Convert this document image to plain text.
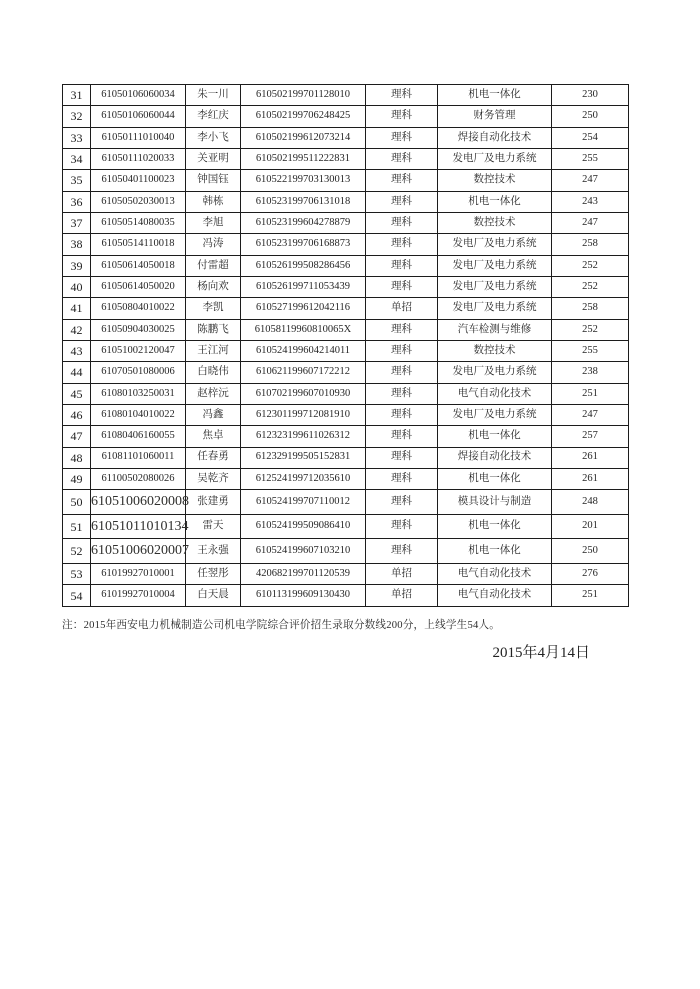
31	61050106060034	朱一川	610502199701128010	理科	机电一体化	230
32	61050106060044	李红庆	610502199706248425	理科	财务管理	250
33	61050111010040	李小飞	610502199612073214	理科	焊接自动化技术	254
34	61050111020033	关亚明	610502199511222831	理科	发电厂及电力系统	255
35	61050401100023	钟国钰	610522199703130013	理科	数控技术	247
36	61050502030013	韩栋	610523199706131018	理科	机电一体化	243
37	61050514080035	李旭	610523199604278879	理科	数控技术	247
38	61050514110018	冯涛	610523199706168873	理科	发电厂及电力系统	258
39	61050614050018	付雷超	610526199508286456	理科	发电厂及电力系统	252
40	61050614050020	杨向欢	610526199711053439	理科	发电厂及电力系统	252
41	61050804010022	李凯	610527199612042116	单招	发电厂及电力系统	258
42	61050904030025	陈鹏飞	61058119960810065X	理科	汽车检测与维修	252
43	61051002120047	王江河	610524199604214011	理科	数控技术	255
44	61070501080006	白晓伟	610621199607172212	理科	发电厂及电力系统	238
45	61080103250031	赵梓沅	610702199607010930	理科	电气自动化技术	251
46	61080104010022	冯鑫	612301199712081910	理科	发电厂及电力系统	247
47	61080406160055	焦卓	612323199611026312	理科	机电一体化	257
48	61081101060011	任春勇	612329199505152831	理科	焊接自动化技术	261
49	61100502080026	吴乾齐	612524199712035610	理科	机电一体化	261
50	61051006020008	张建勇	610524199707110012	理科	模具设计与制造	248
51	61051011010134	雷天	610524199509086410	理科	机电一体化	201
52	61051006020007	王永强	610524199607103210	理科	机电一体化	250
53	61019927010001	任翌彤	420682199701120539	单招	电气自动化技术	276
54	61019927010004	白天晨	610113199609130430	单招	电气自动化技术	251
注：2015年西安电力机械制造公司机电学院综合评价招生录取分数线200分，上线学生54人。
2015年4月14日
